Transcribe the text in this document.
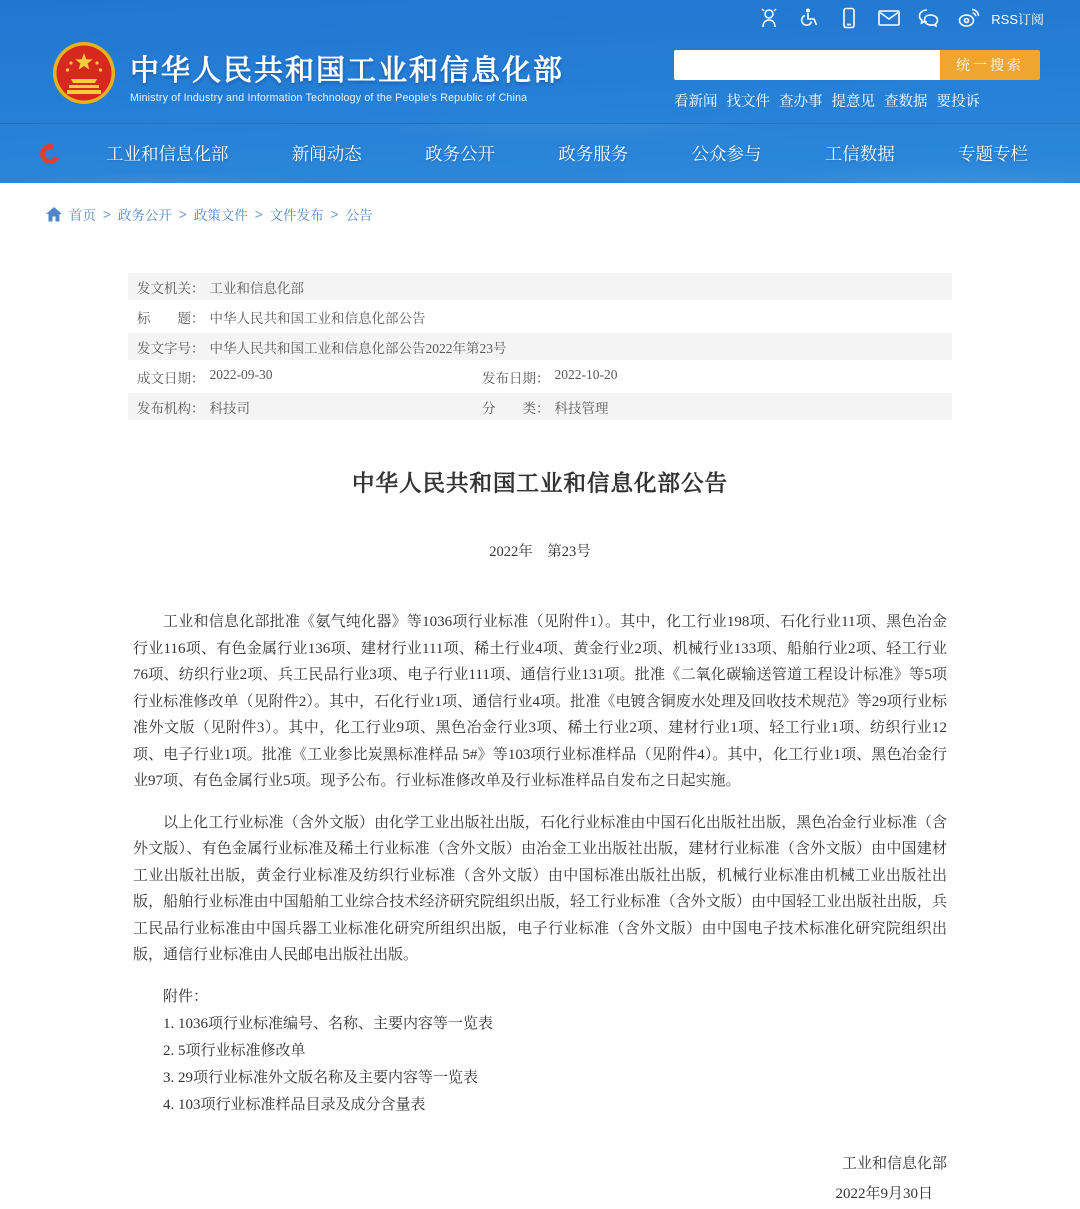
RSS订阅
中华人民共和国工业和信息化部
Ministry of Industry and Information Technology of the People's Republic of China
统一搜索
看新闻 找文件 查办事 提意见 查数据 要投诉
工业和信息化部	新闻动态	政务公开	政务服务	公众参与	工信数据	专题专栏
首页 > 政务公开 > 政策文件 > 文件发布 > 公告
发文机关： 工业和信息化部
标　　题： 中华人民共和国工业和信息化部公告
发文字号： 中华人民共和国工业和信息化部公告2022年第23号
成文日期： 2022-09-30	发布日期： 2022-10-20
发布机构： 科技司	分　　类： 科技管理
中华人民共和国工业和信息化部公告
2022年　第23号

工业和信息化部批准《氨气纯化器》等1036项行业标准（见附件1）。其中，化工行业198项、石化行业11项、黑色冶金行业116项、有色金属行业136项、建材行业111项、稀土行业4项、黄金行业2项、机械行业133项、船舶行业2项、轻工行业76项、纺织行业2项、兵工民品行业3项、电子行业111项、通信行业131项。批准《二氧化碳输送管道工程设计标准》等5项行业标准修改单（见附件2）。其中，石化行业1项、通信行业4项。批准《电镀含铜废水处理及回收技术规范》等29项行业标准外文版（见附件3）。其中，化工行业9项、黑色冶金行业3项、稀土行业2项、建材行业1项、轻工行业1项、纺织行业12项、电子行业1项。批准《工业参比炭黑标准样品 5#》等103项行业标准样品（见附件4）。其中，化工行业1项、黑色冶金行业97项、有色金属行业5项。现予公布。行业标准修改单及行业标准样品自发布之日起实施。

以上化工行业标准（含外文版）由化学工业出版社出版，石化行业标准由中国石化出版社出版，黑色冶金行业标准（含外文版）、有色金属行业标准及稀土行业标准（含外文版）由冶金工业出版社出版，建材行业标准（含外文版）由中国建材工业出版社出版，黄金行业标准及纺织行业标准（含外文版）由中国标准出版社出版，机械行业标准由机械工业出版社出版，船舶行业标准由中国船舶工业综合技术经济研究院组织出版，轻工行业标准（含外文版）由中国轻工业出版社出版，兵工民品行业标准由中国兵器工业标准化研究所组织出版，电子行业标准（含外文版）由中国电子技术标准化研究院组织出版，通信行业标准由人民邮电出版社出版。

附件：
1. 1036项行业标准编号、名称、主要内容等一览表
2. 5项行业标准修改单
3. 29项行业标准外文版名称及主要内容等一览表
4. 103项行业标准样品目录及成分含量表
工业和信息化部
2022年9月30日
